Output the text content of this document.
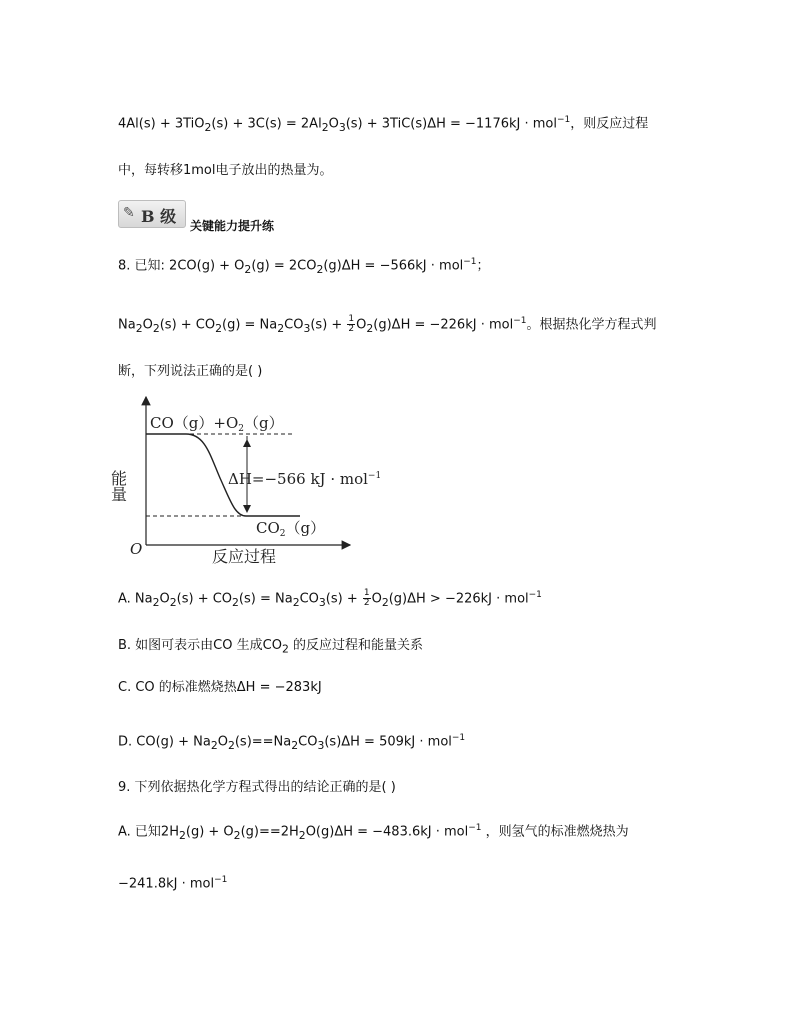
$4Al(s) + 3TiO_2(s) + 3C(s) = 2Al_2O_3(s) + 3TiC(s)\Delta H = -1176kJ \cdot mol^{-1}$，则反应过程
中，每转移1mol电子放出的热量为。
✎ B 级 关键能力提升练
8. 已知: $2CO(g) + O_2(g) = 2CO_2(g)\Delta H = -566kJ \cdot mol^{-1}$；
$Na_2O_2(s) + CO_2(g) = Na_2CO_3(s) + \frac{1}{2} O_2(g)\Delta H = -226kJ \cdot mol^{-1}$。根据热化学方程式判
断，下列说法正确的是( )
$CO(g)+O_2(g)$
ΔH=−566 kJ · mol$^{-1}$
$CO_2(g)$
能量
反应过程
O
A. $Na_2O_2(s) + CO_2(s) = Na_2CO_3(s) + \frac{1}{2} O_2(g)\Delta H > -226kJ \cdot mol^{-1}$
B. 如图可表示由CO 生成$CO_2$ 的反应过程和能量关系
C. CO 的标准燃烧热ΔH = −283kJ
D. $CO(g) + Na_2O_2(s)==Na_2CO_3(s)\Delta H = 509kJ \cdot mol^{-1}$
9. 下列依据热化学方程式得出的结论正确的是( )
A. 已知$2H_2(g) + O_2(g)==2H_2O(g)\Delta H = -483.6kJ \cdot mol^{-1}$ ，则氢气的标准燃烧热为
−241.8kJ · mol$^{-1}$
